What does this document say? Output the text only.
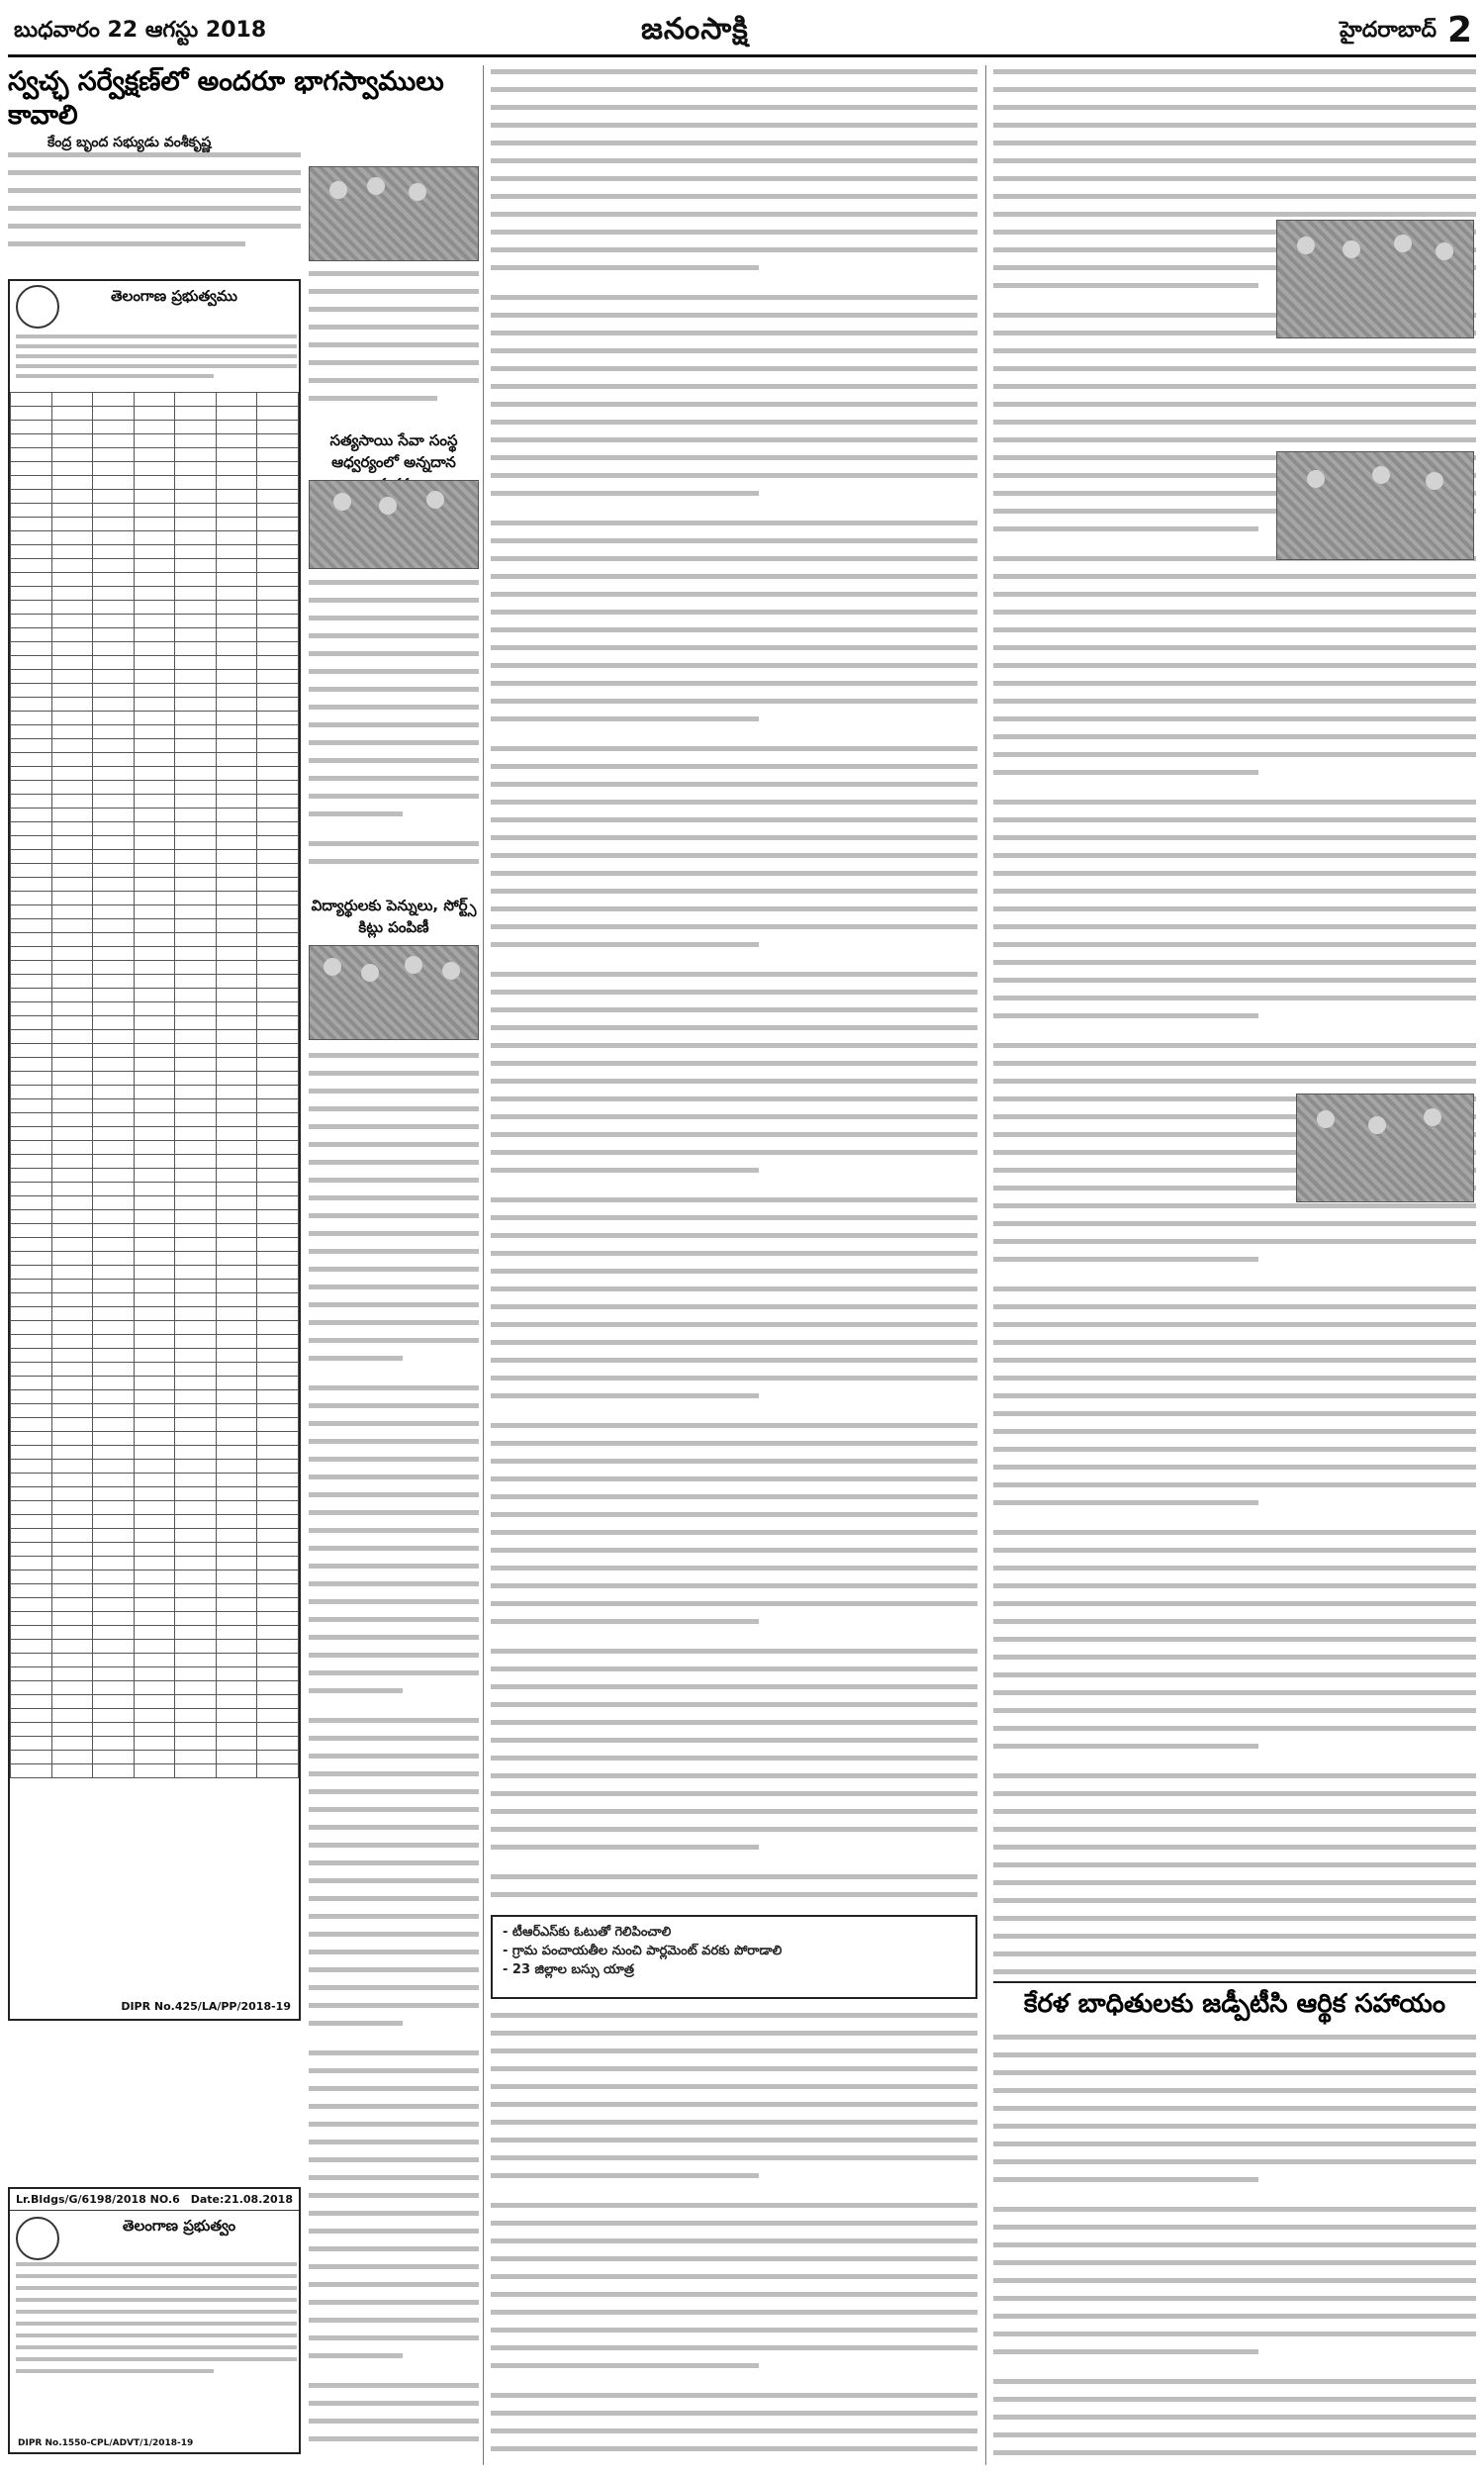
బుధవారం 22 ఆగస్టు 2018	జనంసాక్షి	హైదరాబాద్ 2
స్వచ్ఛ సర్వేక్షణ్‌లో అందరూ భాగస్వాములు కావాలి
కేంద్ర బృంద సభ్యుడు వంశీకృష్ణ
తెలంగాణ ప్రభుత్వము

DIPR No.425/LA/PP/2018-19
Lr.Bldgs/G/6198/2018 NO.6 Date:21.08.2018
తెలంగాణ ప్రభుత్వం
DIPR No.1550-CPL/ADVT/1/2018-19
సత్యసాయి సేవా సంస్థ ఆధ్వర్యంలో అన్నదాన
విద్యార్థులకు పెన్నులు, సోర్ట్స్ కిట్లు పంపిణీ
- టీఆర్ఎస్‌కు ఓటుతో గెలిపించాలి
- గ్రామ పంచాయతీల నుంచి పార్లమెంట్ వరకు పోరాడాలి
- 23 జిల్లాల బస్సు యాత్ర
కేరళ బాధితులకు జడ్పీటీసి ఆర్థిక సహాయం
